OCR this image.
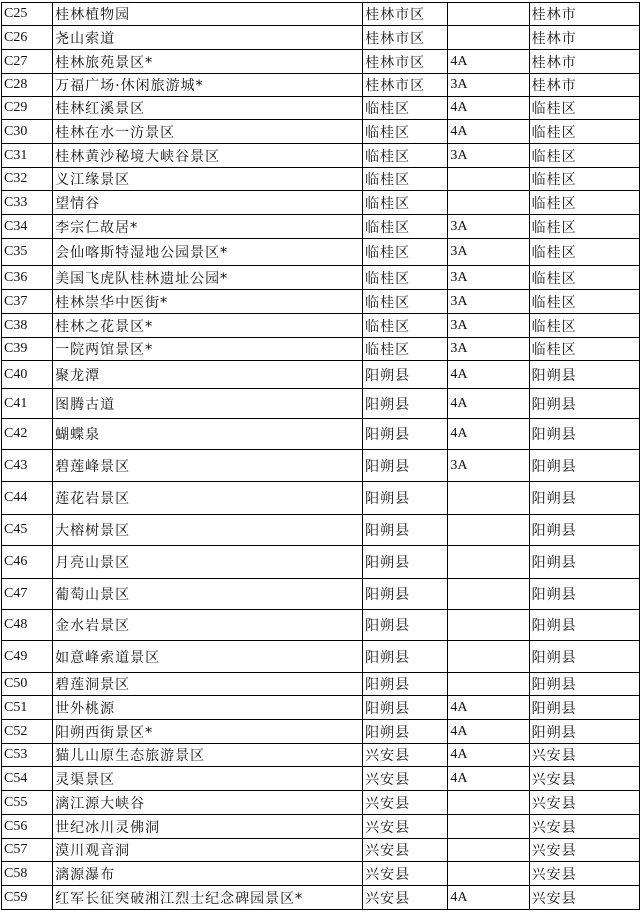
C25	桂林植物园	桂林市区		桂林市
C26	尧山索道	桂林市区		桂林市
C27	桂林旅苑景区*	桂林市区	4A	桂林市
C28	万福广场·休闲旅游城*	桂林市区	3A	桂林市
C29	桂林红溪景区	临桂区	4A	临桂区
C30	桂林在水一汸景区	临桂区	4A	临桂区
C31	桂林黄沙秘境大峡谷景区	临桂区	3A	临桂区
C32	义江缘景区	临桂区		临桂区
C33	望情谷	临桂区		临桂区
C34	李宗仁故居*	临桂区	3A	临桂区
C35	会仙喀斯特湿地公园景区*	临桂区	3A	临桂区
C36	美国飞虎队桂林遗址公园*	临桂区	3A	临桂区
C37	桂林崇华中医街*	临桂区	3A	临桂区
C38	桂林之花景区*	临桂区	3A	临桂区
C39	一院两馆景区*	临桂区	3A	临桂区
C40	聚龙潭	阳朔县	4A	阳朔县
C41	图腾古道	阳朔县	4A	阳朔县
C42	蝴蝶泉	阳朔县	4A	阳朔县
C43	碧莲峰景区	阳朔县	3A	阳朔县
C44	莲花岩景区	阳朔县		阳朔县
C45	大榕树景区	阳朔县		阳朔县
C46	月亮山景区	阳朔县		阳朔县
C47	葡萄山景区	阳朔县		阳朔县
C48	金水岩景区	阳朔县		阳朔县
C49	如意峰索道景区	阳朔县		阳朔县
C50	碧莲洞景区	阳朔县		阳朔县
C51	世外桃源	阳朔县	4A	阳朔县
C52	阳朔西街景区*	阳朔县	4A	阳朔县
C53	猫儿山原生态旅游景区	兴安县	4A	兴安县
C54	灵渠景区	兴安县	4A	兴安县
C55	漓江源大峡谷	兴安县		兴安县
C56	世纪冰川灵佛洞	兴安县		兴安县
C57	漠川观音洞	兴安县		兴安县
C58	漓源瀑布	兴安县		兴安县
C59	红军长征突破湘江烈士纪念碑园景区*	兴安县	4A	兴安县
